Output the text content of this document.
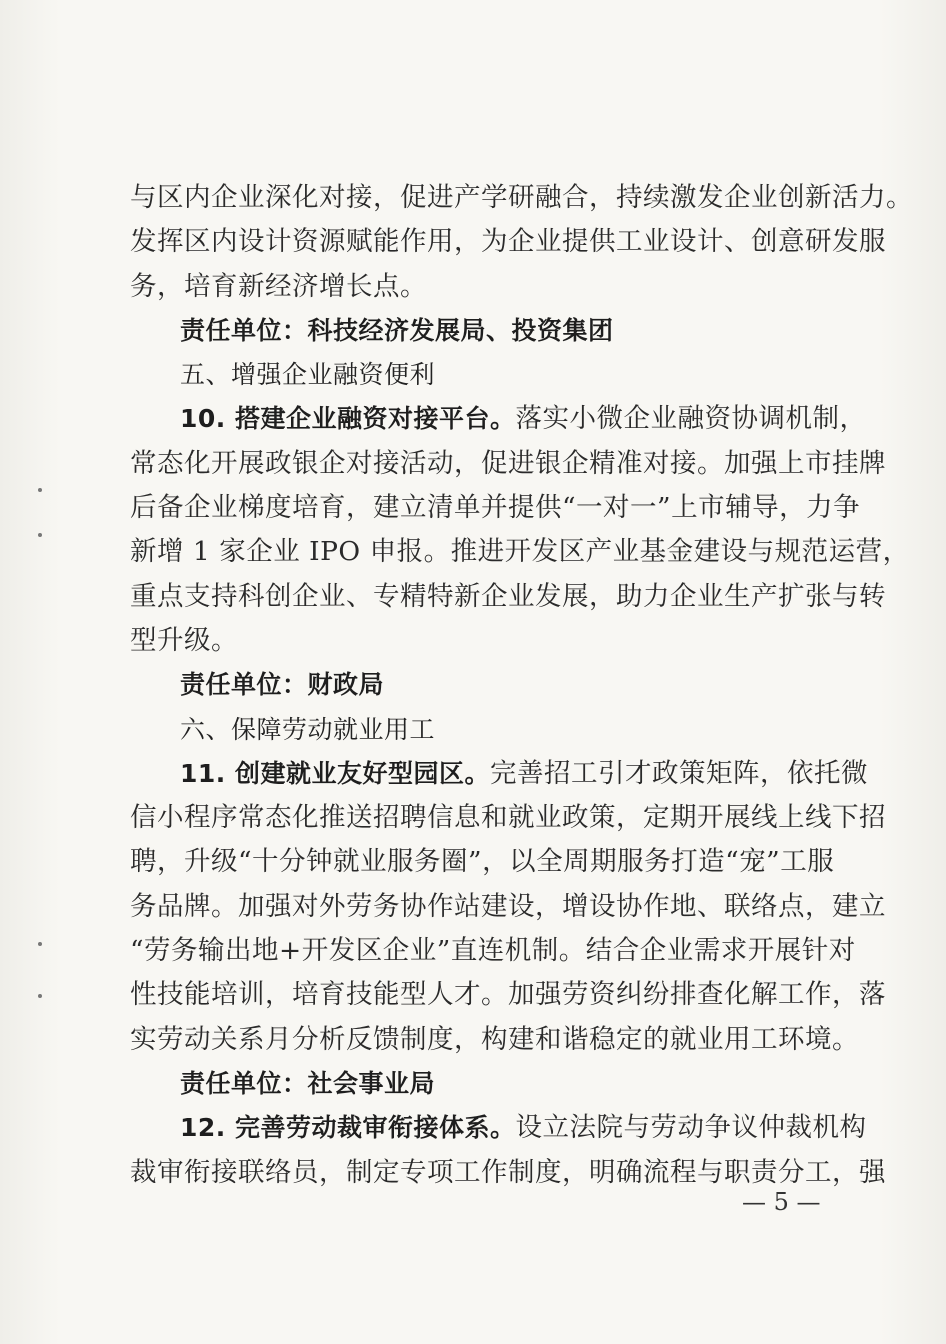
与区内企业深化对接，促进产学研融合，持续激发企业创新活力。
发挥区内设计资源赋能作用，为企业提供工业设计、创意研发服
务，培育新经济增长点。
责任单位：科技经济发展局、投资集团
五、增强企业融资便利
10. 搭建企业融资对接平台。落实小微企业融资协调机制，
常态化开展政银企对接活动，促进银企精准对接。加强上市挂牌
后备企业梯度培育，建立清单并提供“一对一”上市辅导，力争
新增 1 家企业 IPO 申报。推进开发区产业基金建设与规范运营，
重点支持科创企业、专精特新企业发展，助力企业生产扩张与转
型升级。
责任单位：财政局
六、保障劳动就业用工
11. 创建就业友好型园区。完善招工引才政策矩阵，依托微
信小程序常态化推送招聘信息和就业政策，定期开展线上线下招
聘，升级“十分钟就业服务圈”，以全周期服务打造“宠”工服
务品牌。加强对外劳务协作站建设，增设协作地、联络点，建立
“劳务输出地+开发区企业”直连机制。结合企业需求开展针对
性技能培训，培育技能型人才。加强劳资纠纷排查化解工作，落
实劳动关系月分析反馈制度，构建和谐稳定的就业用工环境。
责任单位：社会事业局
12. 完善劳动裁审衔接体系。设立法院与劳动争议仲裁机构
裁审衔接联络员，制定专项工作制度，明确流程与职责分工，强
— 5 —
